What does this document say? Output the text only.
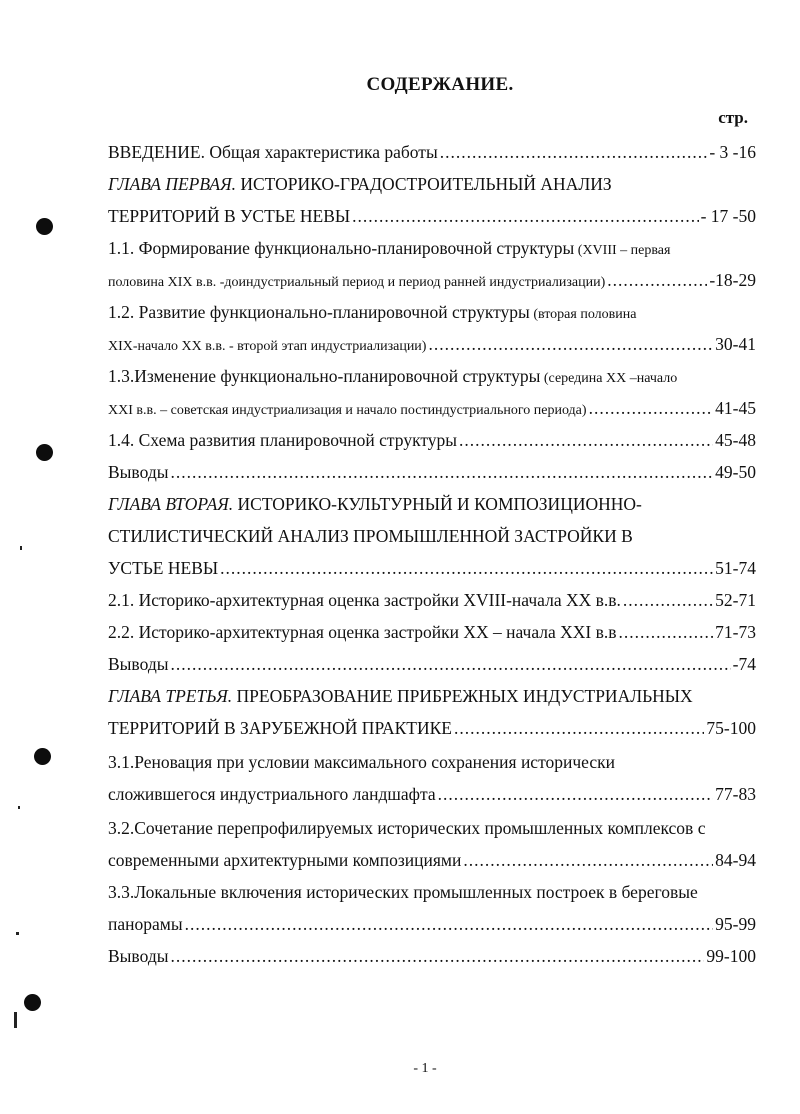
СОДЕРЖАНИЕ.
стр.
ВВЕДЕНИЕ. Общая характеристика работы .....	- 3 -16
ГЛАВА ПЕРВАЯ. ИСТОРИКО-ГРАДОСТРОИТЕЛЬНЫЙ АНАЛИЗ
ТЕРРИТОРИЙ В УСТЬЕ НЕВЫ .....	- 17 -50
1.1. Формирование функционально-планировочной структуры (XVIII – первая
половина XIX в.в. -доиндустриальный период и период ранней индустриализации) .....	-18-29
1.2. Развитие функционально-планировочной структуры (вторая половина
XIX-начало XX в.в. - второй этап индустриализации) .....	30-41
1.3.Изменение функционально-планировочной структуры (середина XX –начало
XXI в.в. – советская индустриализация и начало постиндустриального периода) .....	41-45
1.4. Схема развития планировочной структуры .....	45-48
Выводы .....	49-50
ГЛАВА ВТОРАЯ. ИСТОРИКО-КУЛЬТУРНЫЙ И КОМПОЗИЦИОННО-
СТИЛИСТИЧЕСКИЙ АНАЛИЗ ПРОМЫШЛЕННОЙ ЗАСТРОЙКИ В
УСТЬЕ НЕВЫ .....	51-74
2.1. Историко-архитектурная оценка застройки XVIII-начала XX в.в. .....	52-71
2.2. Историко-архитектурная оценка застройки XX – начала XXI в.в .....	71-73
Выводы .....	-74
ГЛАВА ТРЕТЬЯ. ПРЕОБРАЗОВАНИЕ ПРИБРЕЖНЫХ ИНДУСТРИАЛЬНЫХ
ТЕРРИТОРИЙ В ЗАРУБЕЖНОЙ ПРАКТИКЕ .....	75-100
3.1.Реновация при условии максимального сохранения исторически
сложившегося индустриального ландшафта .....	77-83
3.2.Сочетание перепрофилируемых исторических промышленных комплексов с
современными архитектурными композициями .....	84-94
3.3.Локальные включения исторических промышленных построек в береговые
панорамы .....	95-99
Выводы .....	99-100
- 1 -
